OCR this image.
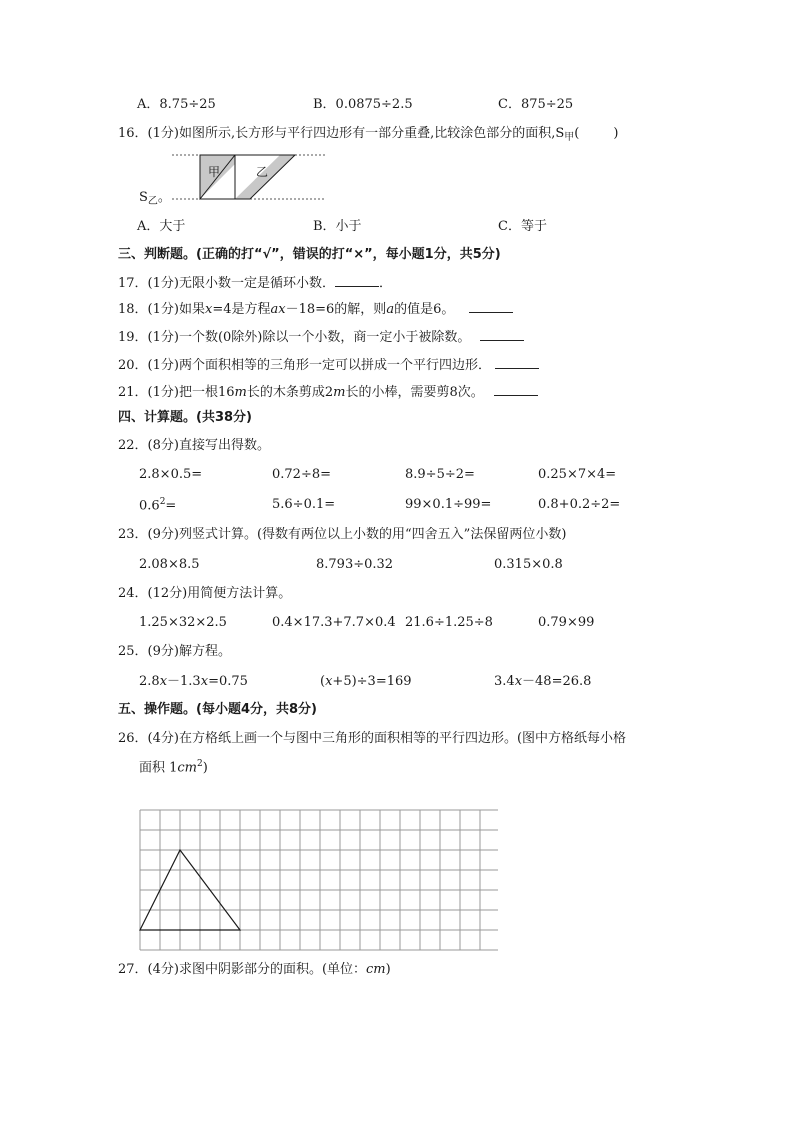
A．8.75÷25	B．0.0875÷2.5	C．875÷25
16．(1分)如图所示,长方形与平行四边形有一部分重叠,比较涂色部分的面积$,S_甲$(	)
甲	乙
$S_乙$。
A．大于	B．小于	C．等于
三、判断题。(正确的打“√”，错误的打“×”，每小题1分，共5分)
17．(1分)无限小数一定是循环小数．	．
18．(1分)如果x=4是方程ax－18=6的解，则a的值是6。
19．(1分)一个数(0除外)除以一个小数，商一定小于被除数。
20．(1分)两个面积相等的三角形一定可以拼成一个平行四边形．
21．(1分)把一根16m长的木条剪成2m长的小棒，需要剪8次。
四、计算题。(共38分)
22．(8分)直接写出得数。
2.8×0.5=	0.72÷8=	8.9÷5÷2=	0.25×7×4=
$0.6^2=$	5.6÷0.1=	99×0.1÷99=	0.8+0.2÷2=
23．(9分)列竖式计算。(得数有两位以上小数的用“四舍五入”法保留两位小数)
2.08×8.5	8.793÷0.32	0.315×0.8
24．(12分)用简便方法计算。
1.25×32×2.5	0.4×17.3+7.7×0.4 21.6÷1.25÷8	0.79×99
25．(9分)解方程。
2.8x－1.3x=0.75	(x+5)÷3=169	3.4x－48=26.8
五、操作题。(每小题4分，共8分)
26．(4分)在方格纸上画一个与图中三角形的面积相等的平行四边形。(图中方格纸每小格
面积 $1cm^2$)
27．(4分)求图中阴影部分的面积。(单位：cm)
